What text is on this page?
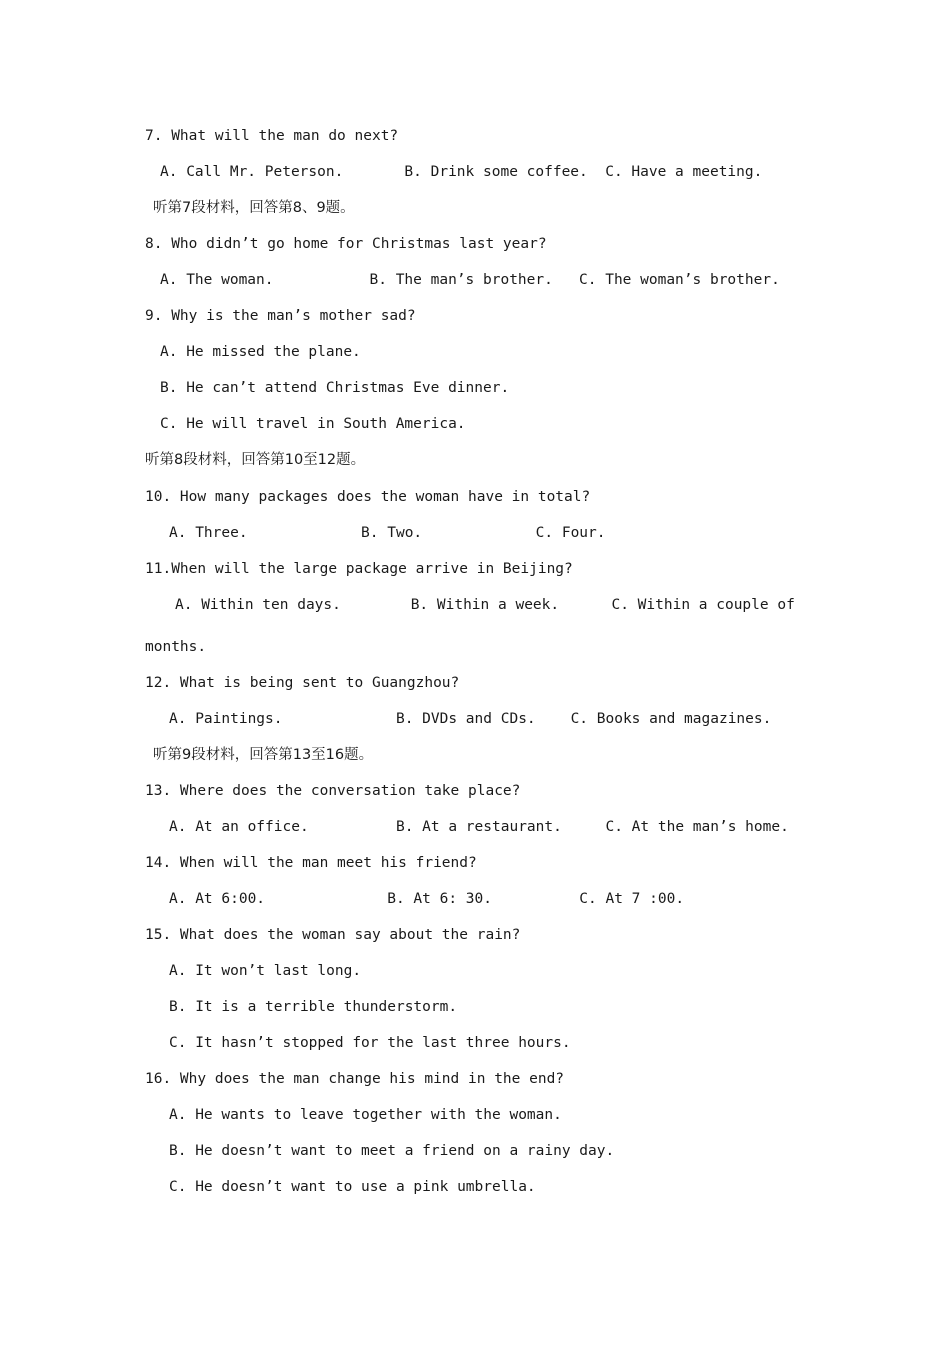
7. What will the man do next?
A. Call Mr. Peterson.       B. Drink some coffee.  C. Have a meeting.
听第7段材料，回答第8、9题。
8. Who didn’t go home for Christmas last year?
A. The woman.           B. The man’s brother.   C. The woman’s brother.
9. Why is the man’s mother sad?
A. He missed the plane.
B. He can’t attend Christmas Eve dinner.
C. He will travel in South America.
听第8段材料，回答第10至12题。
10. How many packages does the woman have in total?
A. Three.             B. Two.             C. Four.
11.When will the large package arrive in Beijing?
A. Within ten days.        B. Within a week.      C. Within a couple of
months.
12. What is being sent to Guangzhou?
A. Paintings.             B. DVDs and CDs.    C. Books and magazines.
听第9段材料，回答第13至16题。
13. Where does the conversation take place?
A. At an office.          B. At a restaurant.     C. At the man’s home.
14. When will the man meet his friend?
A. At 6:00.              B. At 6: 30.          C. At 7 :00.
15. What does the woman say about the rain?
A. It won’t last long.
B. It is a terrible thunderstorm.
C. It hasn’t stopped for the last three hours.
16. Why does the man change his mind in the end?
A. He wants to leave together with the woman.
B. He doesn’t want to meet a friend on a rainy day.
C. He doesn’t want to use a pink umbrella.
